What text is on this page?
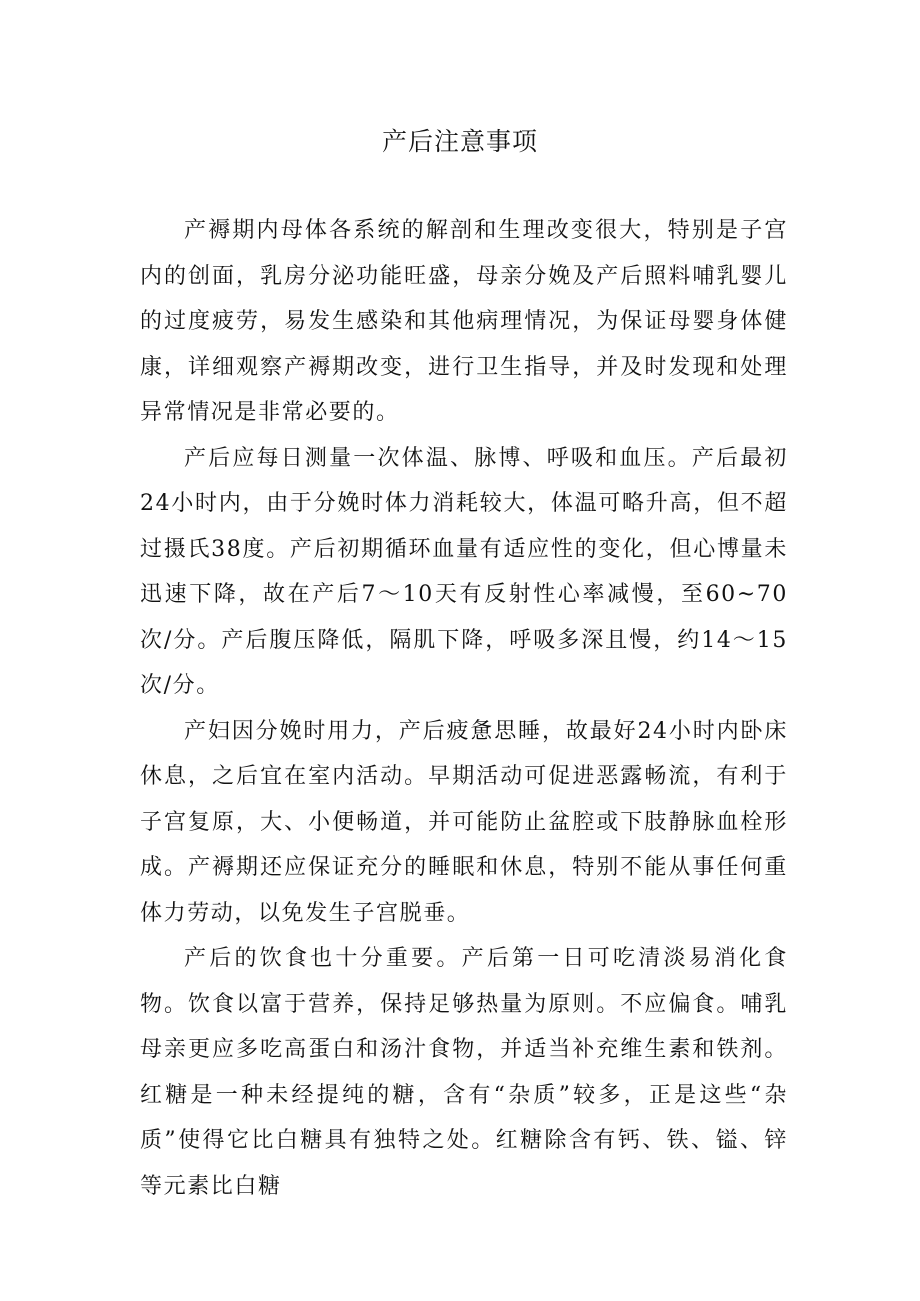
产后注意事项

产褥期内母体各系统的解剖和生理改变很大，特别是子宫内的创面，乳房分泌功能旺盛，母亲分娩及产后照料哺乳婴儿的过度疲劳，易发生感染和其他病理情况，为保证母婴身体健康，详细观察产褥期改变，进行卫生指导，并及时发现和处理异常情况是非常必要的。

产后应每日测量一次体温、脉博、呼吸和血压。产后最初24小时内，由于分娩时体力消耗较大，体温可略升高，但不超过摄氏38度。产后初期循环血量有适应性的变化，但心博量未迅速下降，故在产后7〜10天有反射性心率减慢，至60~70次/分。产后腹压降低，隔肌下降，呼吸多深且慢，约14〜15次/分。

产妇因分娩时用力，产后疲惫思睡，故最好24小时内卧床休息，之后宜在室内活动。早期活动可促进恶露畅流，有利于子宫复原，大、小便畅道，并可能防止盆腔或下肢静脉血栓形成。产褥期还应保证充分的睡眠和休息，特别不能从事任何重体力劳动，以免发生子宫脱垂。

产后的饮食也十分重要。产后第一日可吃清淡易消化食物。饮食以富于营养，保持足够热量为原则。不应偏食。哺乳母亲更应多吃高蛋白和汤汁食物，并适当补充维生素和铁剂。红糖是一种未经提纯的糖，含有“杂质”较多，正是这些“杂质”使得它比白糖具有独特之处。红糖除含有钙、铁、镒、锌等元素比白糖
